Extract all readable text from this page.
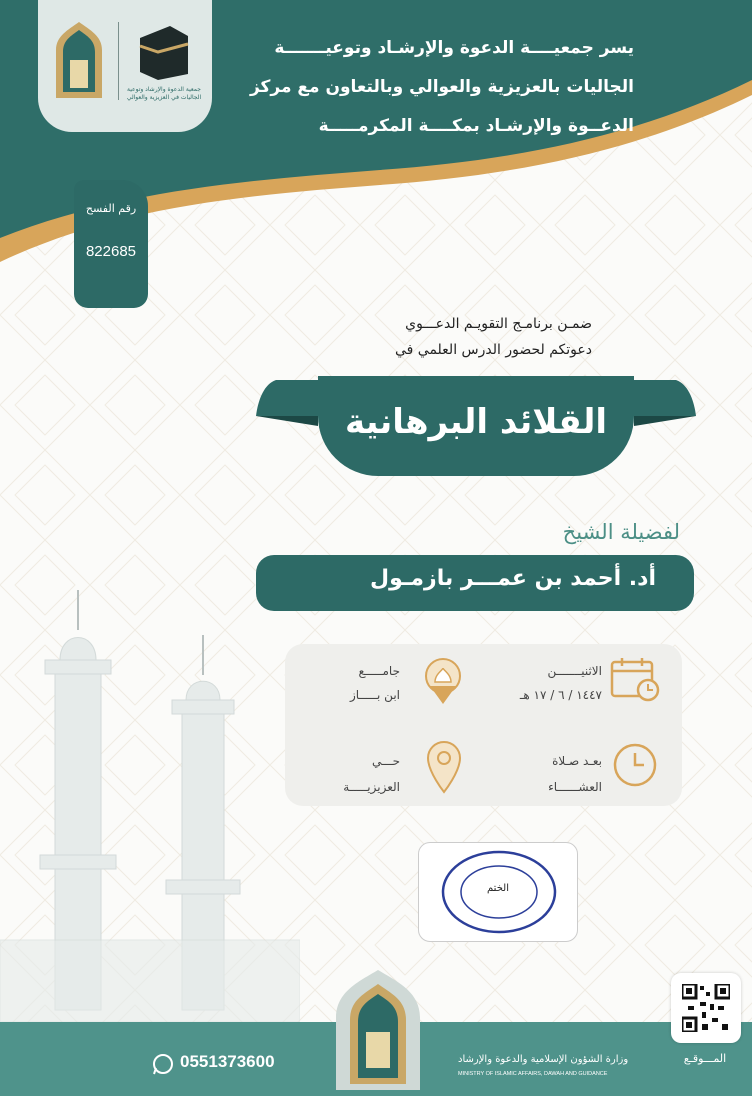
جمعية الدعوة والإرشاد وتوعية الجاليات في العزيزية والعوالي
يسر جمعيــــة الدعوة والإرشـاد وتوعيـــــــة
الجاليات بالعزيزية والعوالي وبالتعاون مع مركز
الدعــوة والإرشـاد بمكــــة المكرمـــــة
رقم الفسح
822685
ضمـن برنامـج التقويـم الدعـــوي
دعوتكم لحضور الدرس العلمي في
القلائد البرهانية
لفضيلة الشيخ
أد. أحمد بن عمـــر بازمـول
الاثنيـــــــن
١٤٤٧ / ٦ / ١٧ هـ
جامـــــع
ابن بـــــاز
بعـد صـلاة
العشــــــاء
حـــي
العزيزيـــــة
الختم
0551373600	وزارة الشؤون الإسلامية والدعوة والإرشاد
MINISTRY OF ISLAMIC AFFAIRS, DAWAH AND GUIDANCE
المـــوقـع
